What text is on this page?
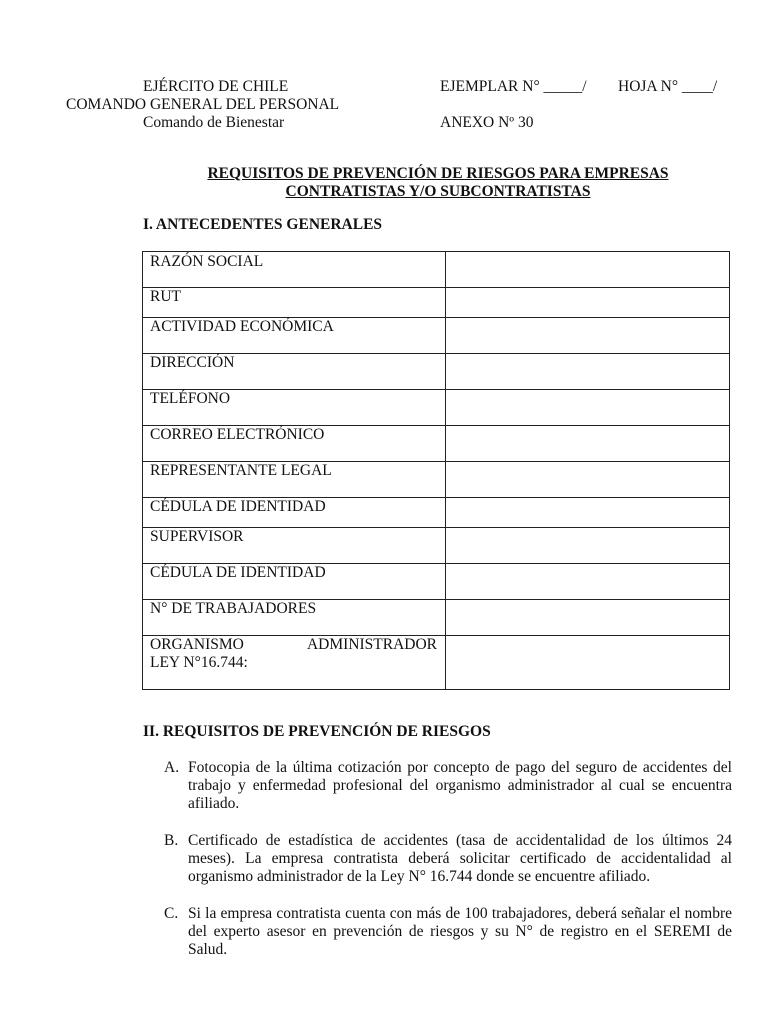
EJÉRCITO DE CHILE
COMANDO GENERAL DEL PERSONAL
Comando de Bienestar
EJEMPLAR N° _____/ HOJA N° ____/
ANEXO Nº 30
REQUISITOS DE PREVENCIÓN DE RIESGOS PARA EMPRESAS
CONTRATISTAS Y/O SUBCONTRATISTAS
I. ANTECEDENTES GENERALES
RAZÓN SOCIAL	
RUT	
ACTIVIDAD ECONÓMICA	
DIRECCIÓN	
TELÉFONO	
CORREO ELECTRÓNICO	
REPRESENTANTE LEGAL	
CÉDULA DE IDENTIDAD	
SUPERVISOR	
CÉDULA DE IDENTIDAD	
N° DE TRABAJADORES	

ORGANISMO ADMINISTRADOR
LEY N°16.744:	

II. REQUISITOS DE PREVENCIÓN DE RIESGOS
A. Fotocopia de la última cotización por concepto de pago del seguro de accidentes del trabajo y enfermedad profesional del organismo administrador al cual se encuentra afiliado.
B. Certificado de estadística de accidentes (tasa de accidentalidad de los últimos 24 meses). La empresa contratista deberá solicitar certificado de accidentalidad al organismo administrador de la Ley N° 16.744 donde se encuentre afiliado.
C. Si la empresa contratista cuenta con más de 100 trabajadores, deberá señalar el nombre del experto asesor en prevención de riesgos y su N° de registro en el SEREMI de Salud.
